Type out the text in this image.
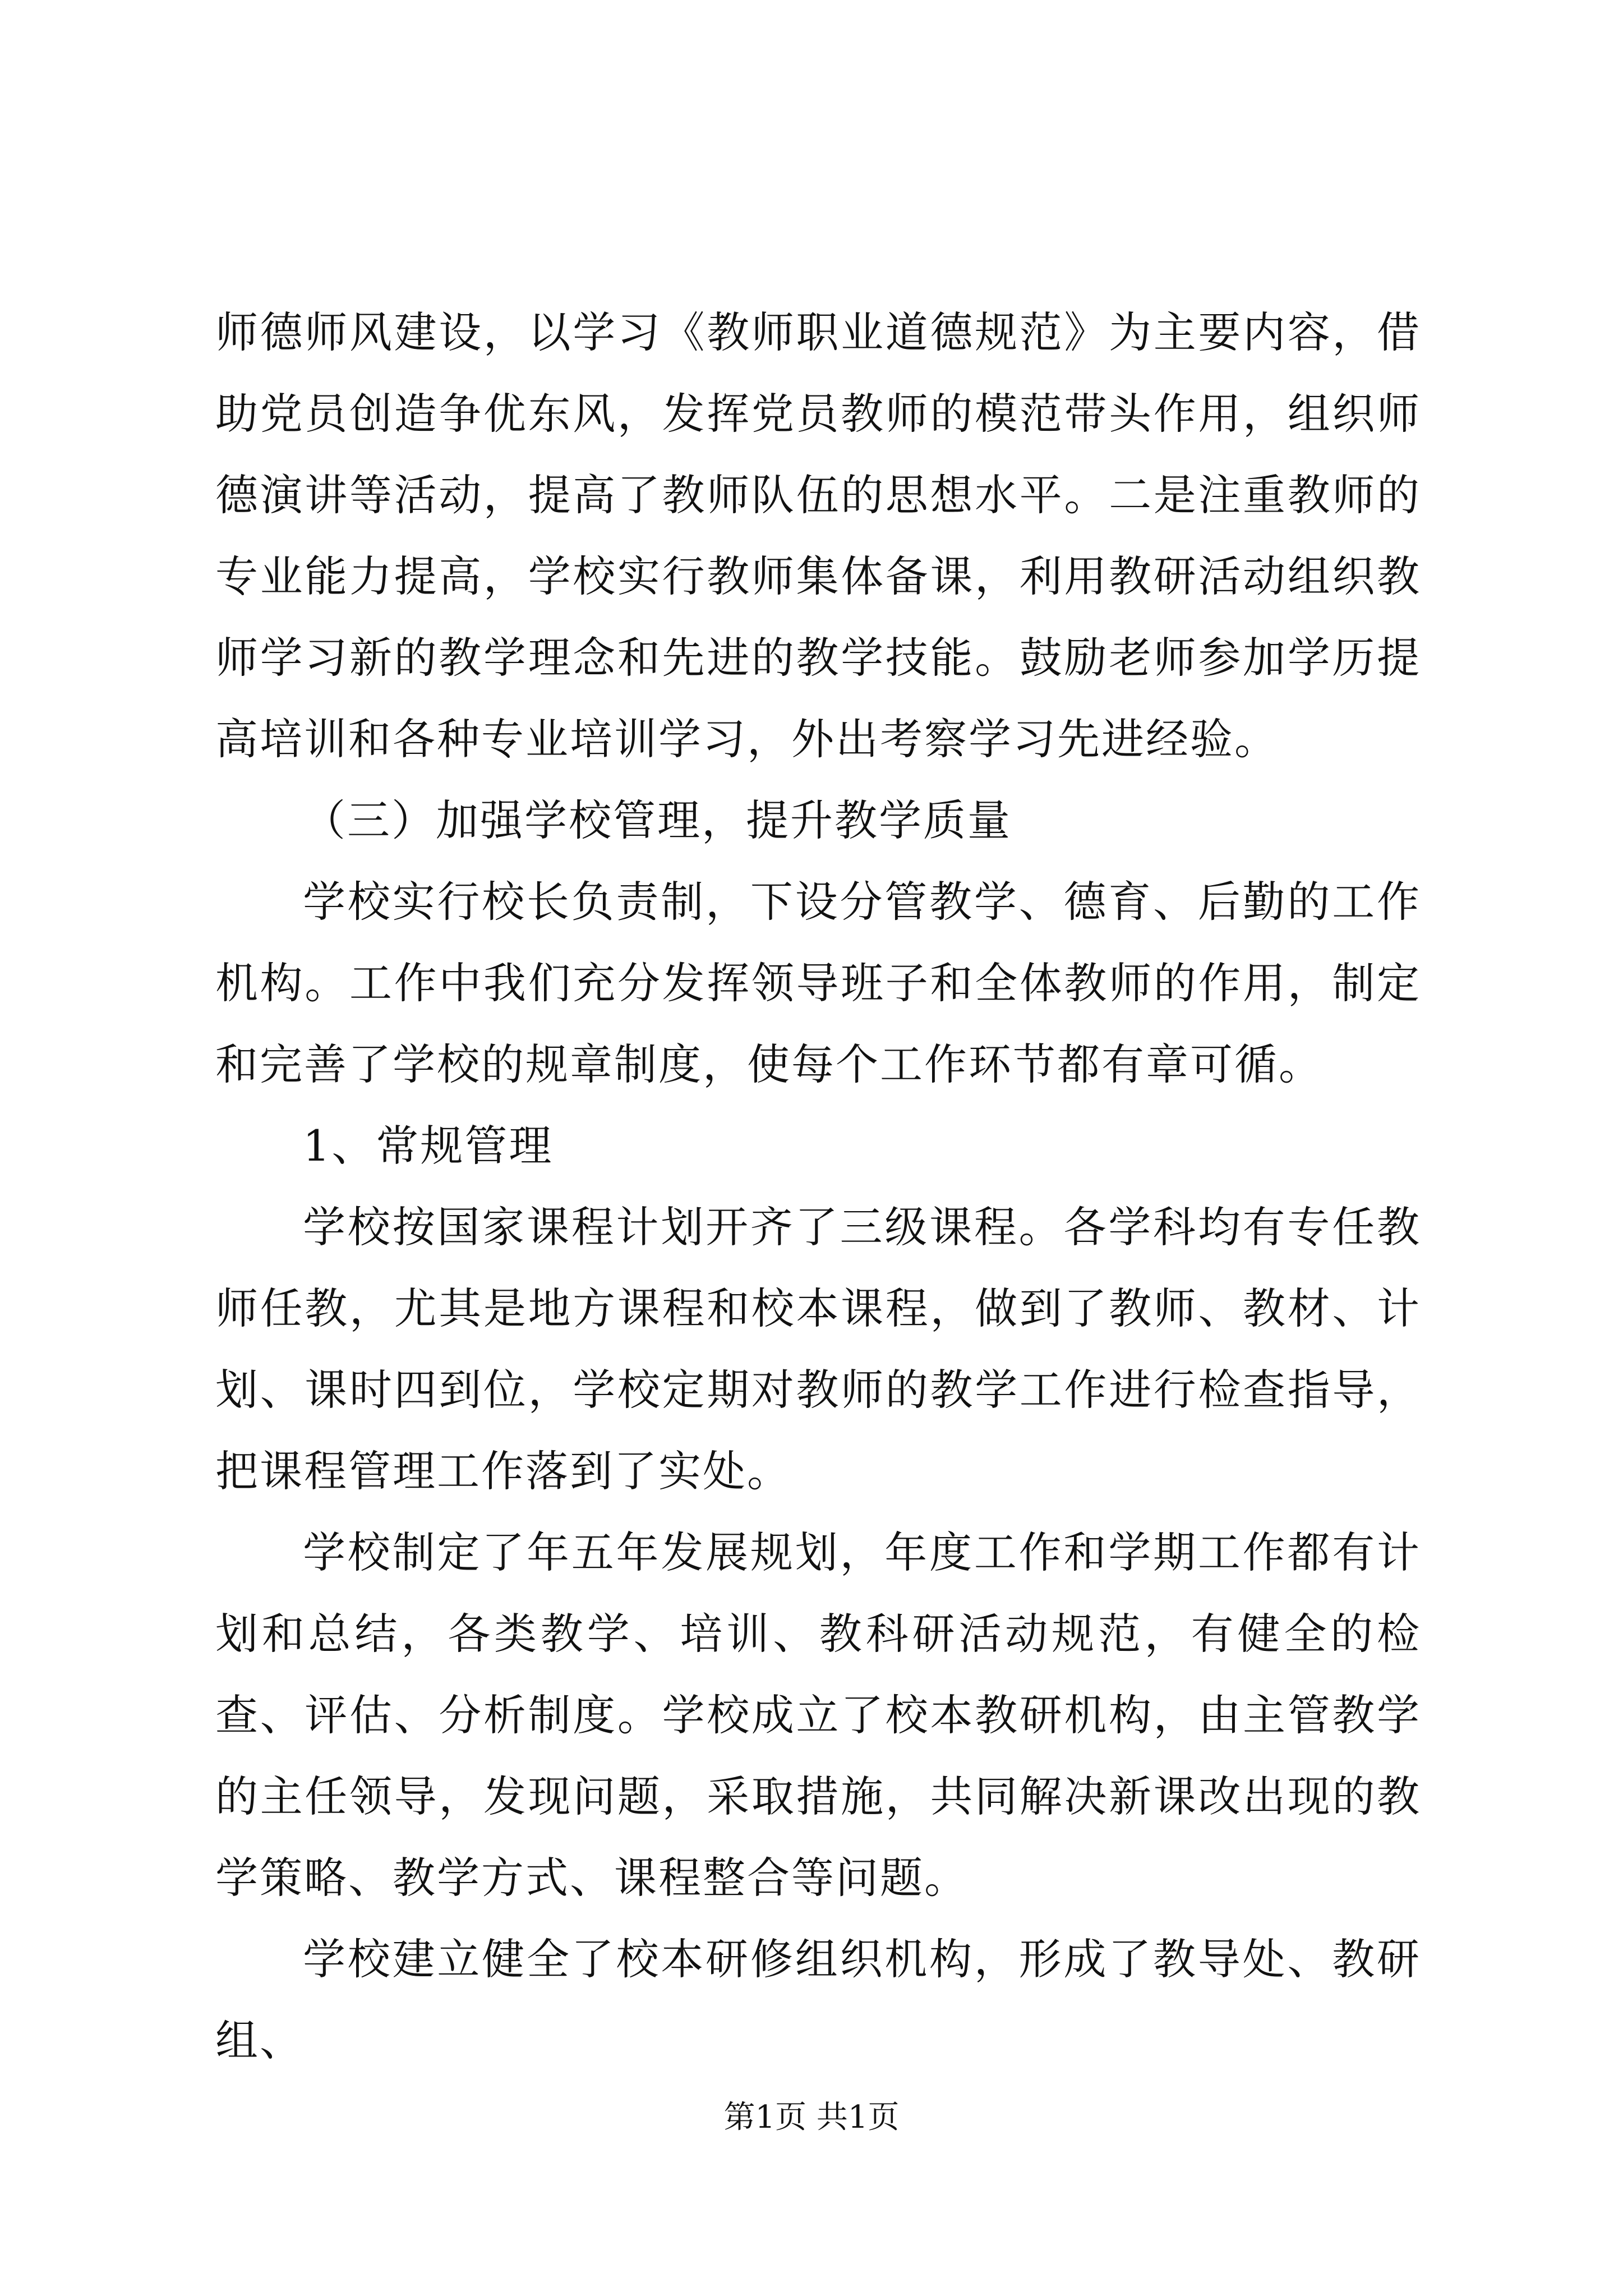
师德师风建设，以学习《教师职业道德规范》为主要内容，借助党员创造争优东风，发挥党员教师的模范带头作用，组织师德演讲等活动，提高了教师队伍的思想水平。二是注重教师的专业能力提高，学校实行教师集体备课，利用教研活动组织教师学习新的教学理念和先进的教学技能。鼓励老师参加学历提高培训和各种专业培训学习，外出考察学习先进经验。

（三）加强学校管理，提升教学质量

学校实行校长负责制，下设分管教学、德育、后勤的工作机构。工作中我们充分发挥领导班子和全体教师的作用，制定和完善了学校的规章制度，使每个工作环节都有章可循。

1、常规管理

学校按国家课程计划开齐了三级课程。各学科均有专任教师任教，尤其是地方课程和校本课程，做到了教师、教材、计划、课时四到位，学校定期对教师的教学工作进行检查指导，把课程管理工作落到了实处。

学校制定了年五年发展规划，年度工作和学期工作都有计划和总结，各类教学、培训、教科研活动规范，有健全的检查、评估、分析制度。学校成立了校本教研机构，由主管教学的主任领导，发现问题，采取措施，共同解决新课改出现的教学策略、教学方式、课程整合等问题。

学校建立健全了校本研修组织机构，形成了教导处、教研组、

第1页 共1页
